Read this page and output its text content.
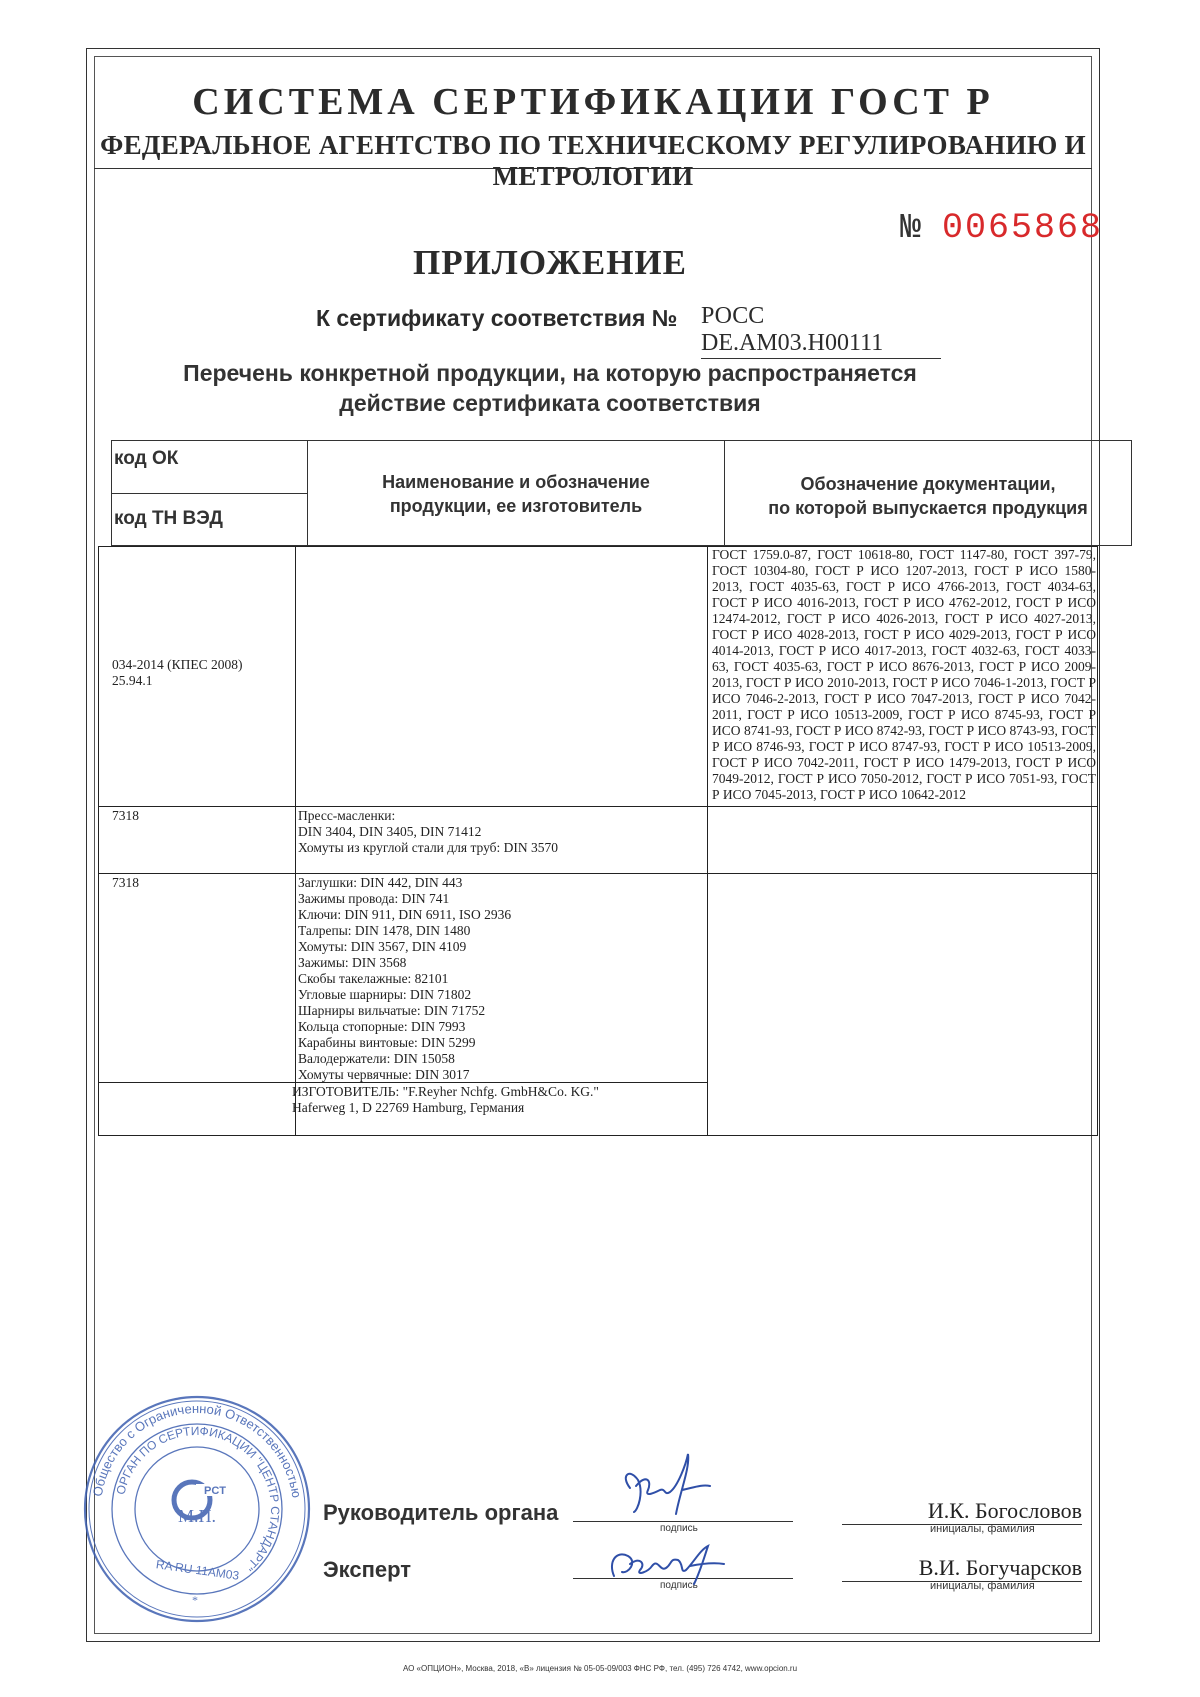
СИСТЕМА СЕРТИФИКАЦИИ ГОСТ Р
ФЕДЕРАЛЬНОЕ АГЕНТСТВО ПО ТЕХНИЧЕСКОМУ РЕГУЛИРОВАНИЮ И МЕТРОЛОГИИ
№ 0065868
ПРИЛОЖЕНИЕ
К сертификату соответствия № РОСС DE.AM03.H00111
Перечень конкретной продукции, на которую распространяется
действие сертификата соответствия
код ОК
код ТН ВЭД
Наименование и обозначение
продукции, ее изготовитель
Обозначение документации,
по которой выпускается продукция
034-2014 (КПЕС 2008)
25.94.1
ГОСТ 1759.0-87, ГОСТ 10618-80, ГОСТ 1147-80, ГОСТ 397-79, ГОСТ 10304-80, ГОСТ Р ИСО 1207-2013, ГОСТ Р ИСО 1580-2013, ГОСТ 4035-63, ГОСТ Р ИСО 4766-2013, ГОСТ 4034-63, ГОСТ Р ИСО 4016-2013, ГОСТ Р ИСО 4762-2012, ГОСТ Р ИСО 12474-2012, ГОСТ Р ИСО 4026-2013, ГОСТ Р ИСО 4027-2013, ГОСТ Р ИСО 4028-2013, ГОСТ Р ИСО 4029-2013, ГОСТ Р ИСО 4014-2013, ГОСТ Р ИСО 4017-2013, ГОСТ 4032-63, ГОСТ 4033-63, ГОСТ 4035-63, ГОСТ Р ИСО 8676-2013, ГОСТ Р ИСО 2009-2013, ГОСТ Р ИСО 2010-2013, ГОСТ Р ИСО 7046-1-2013, ГОСТ Р ИСО 7046-2-2013, ГОСТ Р ИСО 7047-2013, ГОСТ Р ИСО 7042-2011, ГОСТ Р ИСО 10513-2009, ГОСТ Р ИСО 8745-93, ГОСТ Р ИСО 8741-93, ГОСТ Р ИСО 8742-93, ГОСТ Р ИСО 8743-93, ГОСТ Р ИСО 8746-93, ГОСТ Р ИСО 8747-93, ГОСТ Р ИСО 10513-2009, ГОСТ Р ИСО 7042-2011, ГОСТ Р ИСО 1479-2013, ГОСТ Р ИСО 7049-2012, ГОСТ Р ИСО 7050-2012, ГОСТ Р ИСО 7051-93, ГОСТ Р ИСО 7045-2013, ГОСТ Р ИСО 10642-2012
7318	Пресс-масленки:
DIN 3404, DIN 3405, DIN 71412
Хомуты из круглой стали для труб: DIN 3570
7318	Заглушки: DIN 442, DIN 443
Зажимы провода: DIN 741
Ключи: DIN 911, DIN 6911, ISO 2936
Талрепы: DIN 1478, DIN 1480
Хомуты: DIN 3567, DIN 4109
Зажимы: DIN 3568
Скобы такелажные: 82101
Угловые шарниры: DIN 71802
Шарниры вильчатые: DIN 71752
Кольца стопорные: DIN 7993
Карабины винтовые: DIN 5299
Валодержатели: DIN 15058
Хомуты червячные: DIN 3017
ИЗГОТОВИТЕЛЬ: "F.Reyher Nchfg. GmbH&Co. KG."
Haferweg 1, D 22769 Hamburg, Германия
Общество с Ограниченной Ответственностью
ОРГАН ПО СЕРТИФИКАЦИИ "ЦЕНТР СТАНДАРТ"
PCT
М.П.
RA RU 11AM03
*
Руководитель органа
подпись
Эксперт
подпись
И.К. Богословов
инициалы, фамилия
В.И. Богучарсков
инициалы, фамилия
АО «ОПЦИОН», Москва, 2018, «В» лицензия № 05-05-09/003 ФНС РФ, тел. (495) 726 4742, www.opcion.ru
